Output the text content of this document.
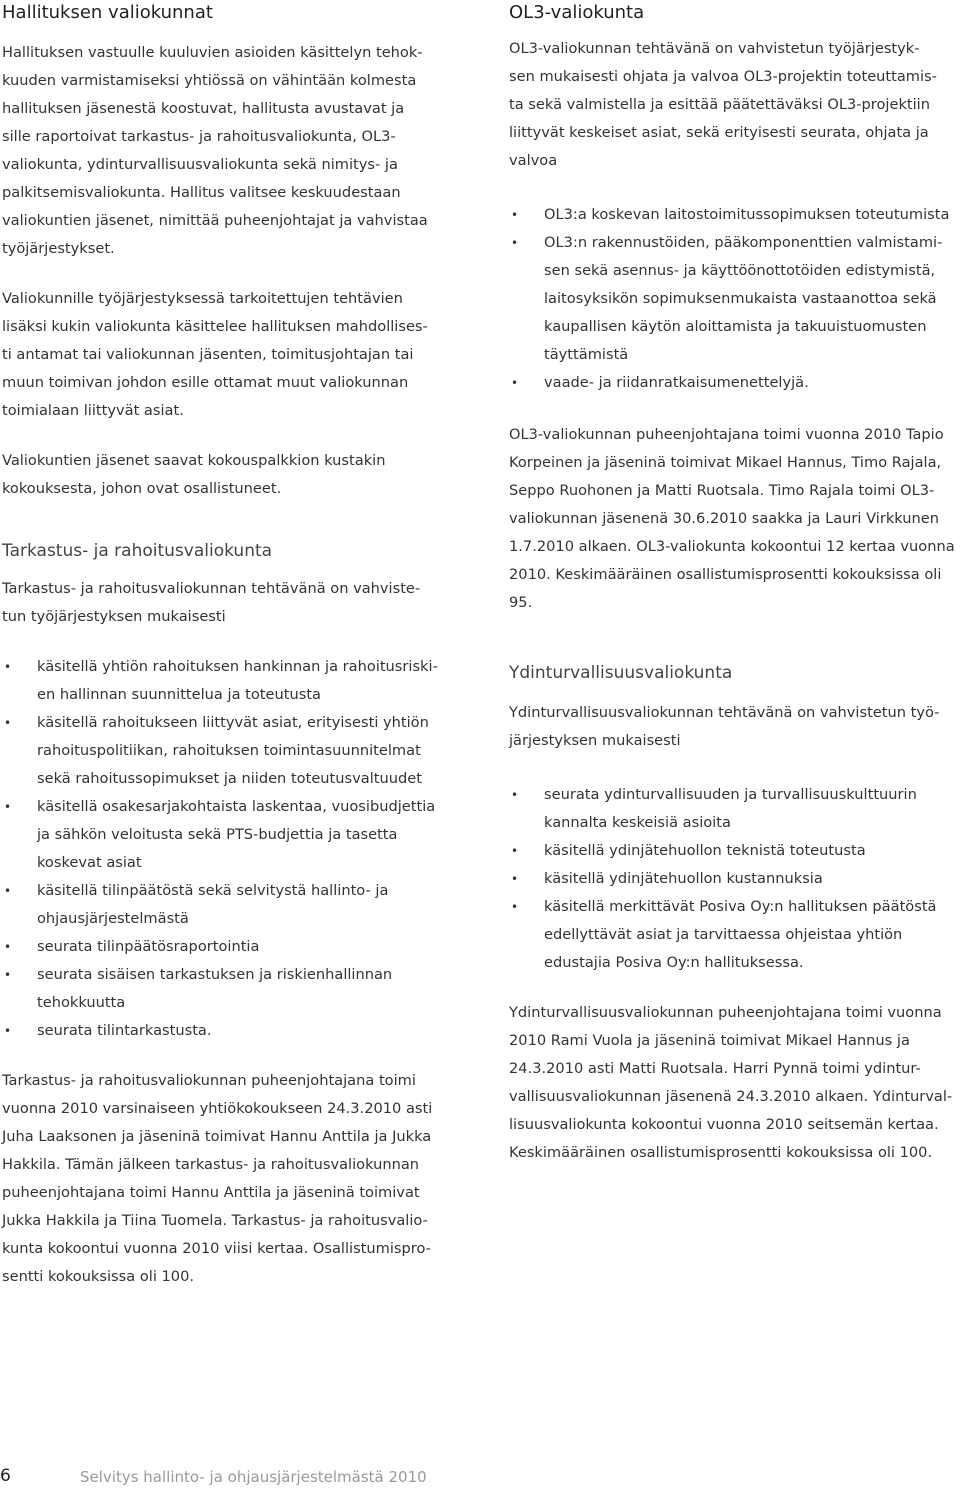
Hallituksen valiokunnat

Hallituksen vastuulle kuuluvien asioiden käsittelyn tehok-
kuuden varmistamiseksi yhtiössä on vähintään kolmesta
hallituksen jäsenestä koostuvat, hallitusta avustavat ja
sille raportoivat tarkastus- ja rahoitusvaliokunta, OL3-
valiokunta, ydinturvallisuusvaliokunta sekä nimitys- ja
palkitsemisvaliokunta. Hallitus valitsee keskuudestaan
valiokuntien jäsenet, nimittää puheenjohtajat ja vahvistaa
työjärjestykset.

Valiokunnille työjärjestyksessä tarkoitettujen tehtävien
lisäksi kukin valiokunta käsittelee hallituksen mahdollises-
ti antamat tai valiokunnan jäsenten, toimitusjohtajan tai
muun toimivan johdon esille ottamat muut valiokunnan
toimialaan liittyvät asiat.

Valiokuntien jäsenet saavat kokouspalkkion kustakin
kokouksesta, johon ovat osallistuneet.

Tarkastus- ja rahoitusvaliokunta

Tarkastus- ja rahoitusvaliokunnan tehtävänä on vahviste-
tun työjärjestyksen mukaisesti

• käsitellä yhtiön rahoituksen hankinnan ja rahoitusriski-
en hallinnan suunnittelua ja toteutusta
• käsitellä rahoitukseen liittyvät asiat, erityisesti yhtiön
rahoituspolitiikan, rahoituksen toimintasuunnitelmat
sekä rahoitussopimukset ja niiden toteutusvaltuudet
• käsitellä osakesarjakohtaista laskentaa, vuosibudjettia
ja sähkön veloitusta sekä PTS-budjettia ja tasetta
koskevat asiat
• käsitellä tilinpäätöstä sekä selvitystä hallinto- ja
ohjausjärjestelmästä
• seurata tilinpäätösraportointia
• seurata sisäisen tarkastuksen ja riskienhallinnan
tehokkuutta
• seurata tilintarkastusta.

Tarkastus- ja rahoitusvaliokunnan puheenjohtajana toimi
vuonna 2010 varsinaiseen yhtiökokoukseen 24.3.2010 asti
Juha Laaksonen ja jäseninä toimivat Hannu Anttila ja Jukka
Hakkila. Tämän jälkeen tarkastus- ja rahoitusvaliokunnan
puheenjohtajana toimi Hannu Anttila ja jäseninä toimivat
Jukka Hakkila ja Tiina Tuomela. Tarkastus- ja rahoitusvalio-
kunta kokoontui vuonna 2010 viisi kertaa. Osallistumispro-
sentti kokouksissa oli 100.

OL3-valiokunta

OL3-valiokunnan tehtävänä on vahvistetun työjärjestyk-
sen mukaisesti ohjata ja valvoa OL3-projektin toteuttamis-
ta sekä valmistella ja esittää päätettäväksi OL3-projektiin
liittyvät keskeiset asiat, sekä erityisesti seurata, ohjata ja
valvoa

• OL3:a koskevan laitostoimitussopimuksen toteutumista
• OL3:n rakennustöiden, pääkomponenttien valmistami-
sen sekä asennus- ja käyttöönottotöiden edistymistä,
laitosyksikön sopimuksenmukaista vastaanottoa sekä
kaupallisen käytön aloittamista ja takuuistuomusten
täyttämistä
• vaade- ja riidanratkaisumenettelyjä.

OL3-valiokunnan puheenjohtajana toimi vuonna 2010 Tapio
Korpeinen ja jäseninä toimivat Mikael Hannus, Timo Rajala,
Seppo Ruohonen ja Matti Ruotsala. Timo Rajala toimi OL3-
valiokunnan jäsenenä 30.6.2010 saakka ja Lauri Virkkunen
1.7.2010 alkaen. OL3-valiokunta kokoontui 12 kertaa vuonna
2010. Keskimääräinen osallistumisprosentti kokouksissa oli 95.

Ydinturvallisuusvaliokunta

Ydinturvallisuusvaliokunnan tehtävänä on vahvistetun työ-
järjestyksen mukaisesti

• seurata ydinturvallisuuden ja turvallisuuskulttuurin
kannalta keskeisiä asioita
• käsitellä ydinjätehuollon teknistä toteutusta
• käsitellä ydinjätehuollon kustannuksia
• käsitellä merkittävät Posiva Oy:n hallituksen päätöstä
edellyttävät asiat ja tarvittaessa ohjeistaa yhtiön
edustajia Posiva Oy:n hallituksessa.

Ydinturvallisuusvaliokunnan puheenjohtajana toimi vuonna
2010 Rami Vuola ja jäseninä toimivat Mikael Hannus ja
24.3.2010 asti Matti Ruotsala. Harri Pynnä toimi ydintur-
vallisuusvaliokunnan jäsenenä 24.3.2010 alkaen. Ydinturval-
lisuusvaliokunta kokoontui vuonna 2010 seitsemän kertaa.
Keskimääräinen osallistumisprosentti kokouksissa oli 100.

6	Selvitys hallinto- ja ohjausjärjestelmästä 2010
